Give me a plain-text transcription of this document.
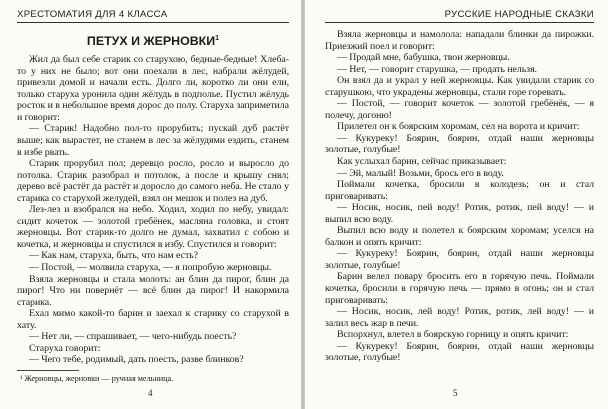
ХРЕСТОМАТИЯ ДЛЯ 4 КЛАССА
ПЕТУХ И ЖЕРНОВКИ$^1$

Жил да был себе старик со старухою, бедные-бедные! Хлеба-то у них не было; вот они поехали в лес, набрали жёлудей, привезли домой и начали есть. Долго ли, коротко ли они ели, только старуха уронила один жёлудь в подполье. Пустил жёлудь росток и в небольшое время дорос до полу. Старуха заприметила и говорит:

— Старик! Надобно пол-то прорубить; пускай дуб растёт выше; как вырастет, не станем в лес за жёлудями ездить, станем в избе рвать.

Старик прорубил пол; деревцо росло, росло и выросло до потолка. Старик разобрал и потолок, а после и крышу снял; дерево всё растёт да растёт и доросло до самого неба. Не стало у старика со старухой желудей, взял он мешок и полез на дуб.

Лез-лез и взобрался на небо. Ходил, ходил по небу, увидал: сидит кочеток — золотой гребёнек, масляна головка, и стоят жерновцы. Вот старик-то долго не думал, захватил с собою и кочетка, и жерновцы и спустился в избу. Спустился и говорит:

— Как нам, старуха, быть, что нам есть?

— Постой, — молвила старуха, — я попробую жерновцы.

Взяла жерновцы и стала молоть: ан блин да пирог, блин да пирог! Что ни повернёт — всё блин да пирог! И накормила старика.

Ехал мимо какой-то барин и заехал к старику со старухой в хату.

— Нет ли, — спрашивает, — чего-нибудь поесть?

Старуха говорит:

— Чего тебе, родимый, дать поесть, разве блинков?

¹ Жерновцы, жерновки — ручная мельница.

4
РУССКИЕ НАРОДНЫЕ СКАЗКИ

Взяла жерновцы и намолола: нападали блинки да пирожки. Приезжий поел и говорит:

— Продай мне, бабушка, твои жерновцы.

— Нет, — говорит старушка, — продать нельзя.

Он взял да и украл у ней жерновцы. Как увидали старик со старушкою, что украдены жерновцы, стали горе горевать.

— Постой, — говорит кочеток — золотой гребёнёк, — я полечу, догоню!

Прилетел он к боярским хоромам, сел на ворота и кричит:

— Кукуреку! Боярин, боярин, отдай наши жерновцы золотые, голубые!

Как услыхал барин, сейчас приказывает:

— Эй, малый! Возьми, брось его в воду.

Поймали кочетка, бросили в колодезь; он и стал приговаривать:

— Носик, носик, пей воду! Ротик, ротик, пей воду! — и выпил всю воду.

Выпил всю воду и полетел к боярским хоромам; уселся на балкон и опять кричит:

— Кукуреку! Боярин, боярин, отдай наши жерновцы золотые, голубые!

Барин велел повару бросить его в горячую печь. Поймали кочетка, бросили в горячую печь — прямо в огонь; он и стал приговаривать:

— Носик, носик, лей воду! Ротик, ротик, лей воду! — и залил весь жар в печи.

Вспорхнул, влетел в боярскую горницу и опять кричит:

— Кукуреку! Боярин, боярин, отдай наши жерновцы золотые, голубые!

5
